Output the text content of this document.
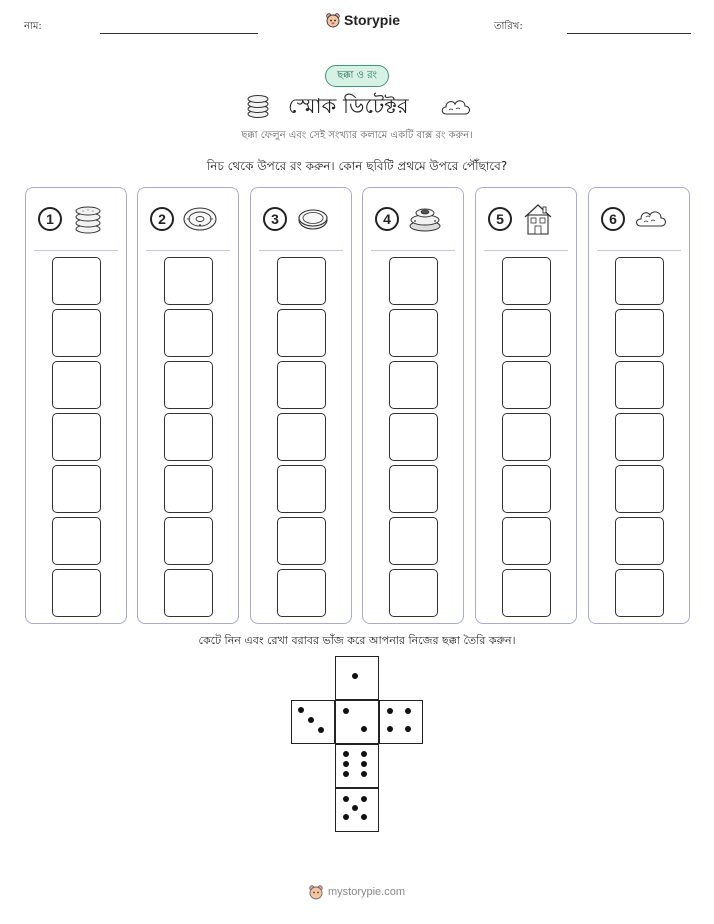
নাম:	Storypie	তারিখ:
ছক্কা ও রং
স্মোক ডিটেক্টর
ছক্কা ফেলুন এবং সেই সংখ্যার কলামে একটি বাক্স রং করুন।
নিচ থেকে উপরে রং করুন। কোন ছবিটি প্রথমে উপরে পৌঁছাবে?
1	2	3	4	5	6
কেটে নিন এবং রেখা বরাবর ভাঁজ করে আপনার নিজের ছক্কা তৈরি করুন।
mystorypie.com
